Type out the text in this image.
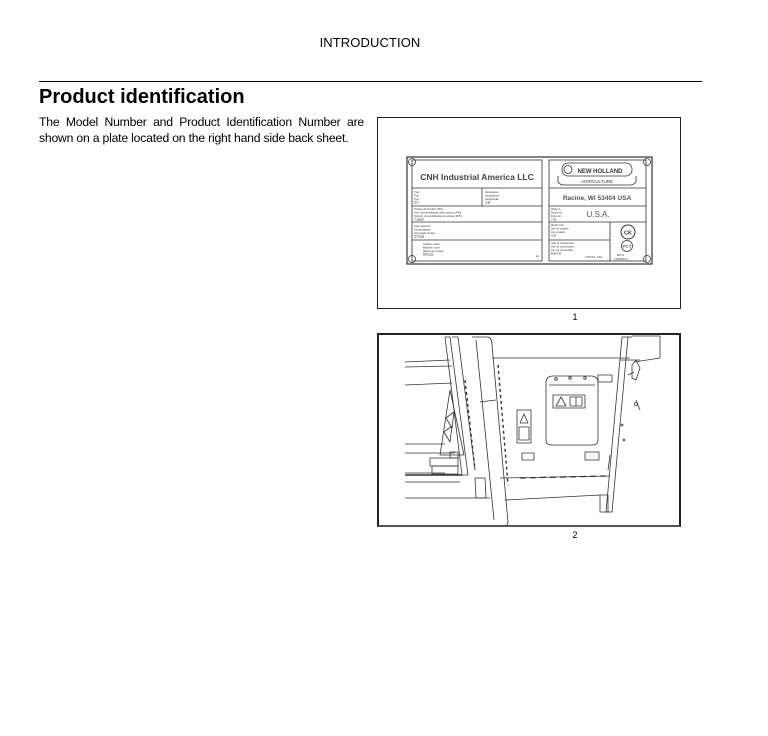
INTRODUCTION
Product identification

The Model Number and Product Identification Number are shown on a plate located on the right hand side back sheet.

CNH Industrial America LLC	NEW HOLLAND
AGRICULTURE
Racine, WI 53404 USA
U.S.A.
CK
PCT
Type
Tipo
Tipo
型号
Designation
Designación
Designação
名称
Product ID Number (PIN)
Núm. de identificación del producto (PIN)
Número de identificação do produto (PIN)
产品编号
Type approval
Homologación
Aprovação de tipo
型号批准
Unladen mass
Masa en vacío
Massa sem carga
整机质量	kg
Made In
Hecho en
Feito em
产地
Model Year
Año de modelo
Ano modelo
年型
Year of Construction
Año de construcción
Ano de construção
制造年份
XXXXXX, USA
MPYA
47000000 A
1
2
